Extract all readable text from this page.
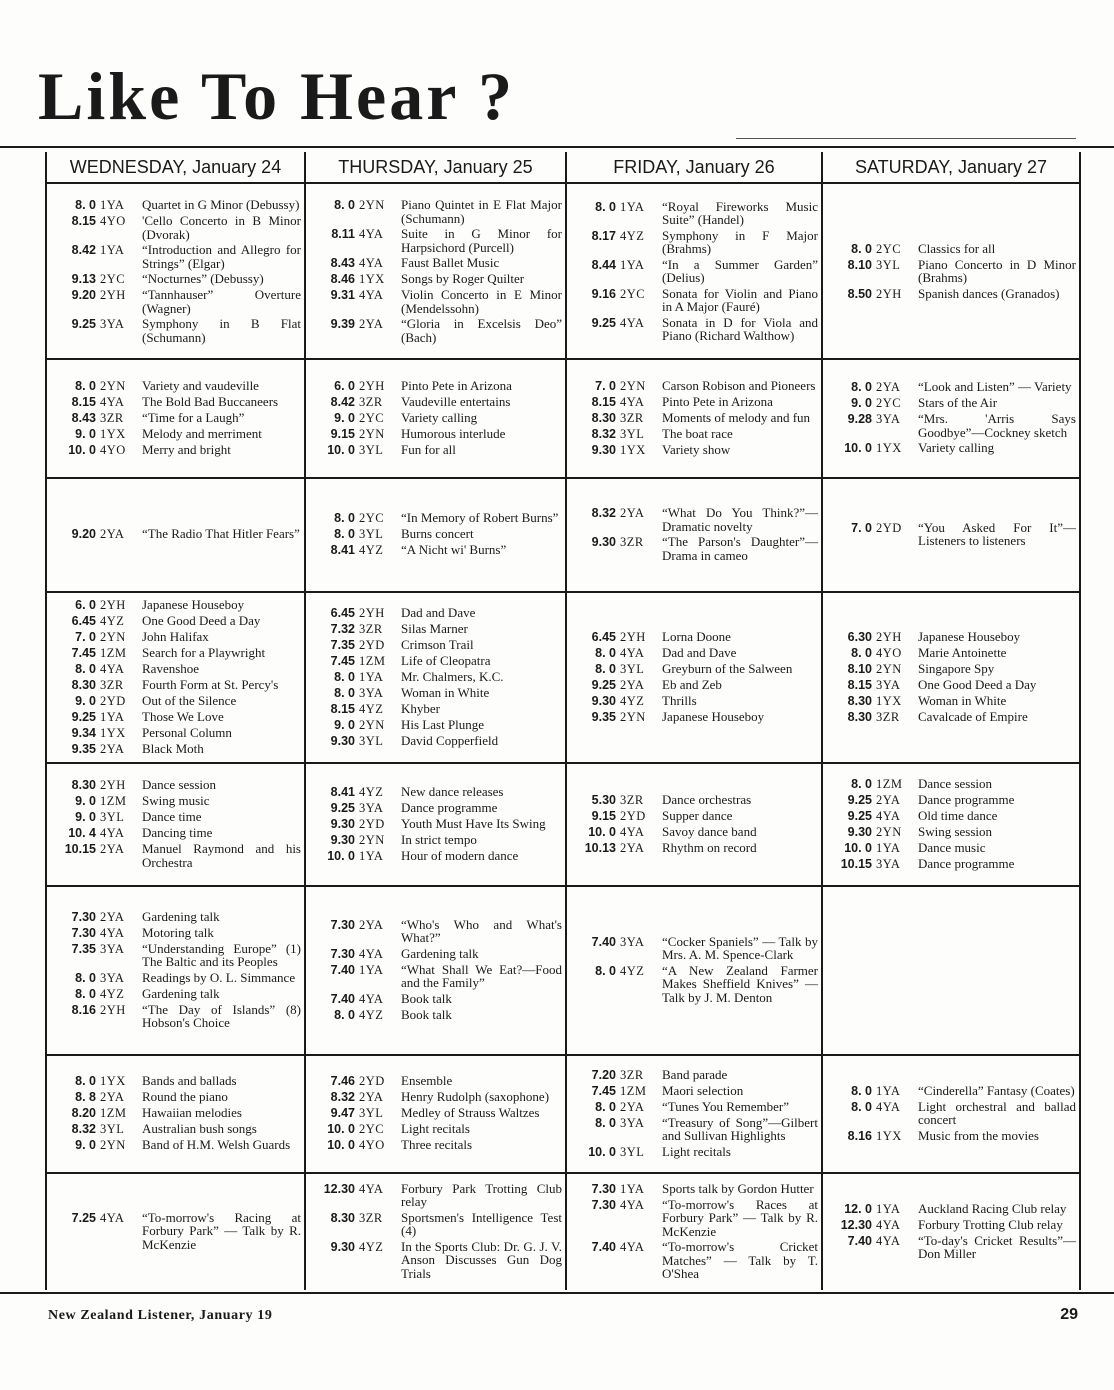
Like To Hear ?
WEDNESDAY, January 24	THURSDAY, January 25	FRIDAY, January 26	SATURDAY, January 27
8. 0 1YA	Quartet in G Minor (Debussy)
8.15 4YO	'Cello Concerto in B Minor (Dvorak)
8.42 1YA	“Introduction and Allegro for Strings” (Elgar)
9.13 2YC	“Nocturnes” (Debussy)
9.20 2YH	“Tannhauser” Overture (Wagner)
9.25 3YA	Symphony in B Flat (Schumann)
8. 0 2YN	Piano Quintet in E Flat Major (Schumann)
8.11 4YA	Suite in G Minor for Harpsichord (Purcell)
8.43 4YA	Faust Ballet Music
8.46 1YX	Songs by Roger Quilter
9.31 4YA	Violin Concerto in E Minor (Mendelssohn)
9.39 2YA	“Gloria in Excelsis Deo” (Bach)
8. 0 1YA	“Royal Fireworks Music Suite” (Handel)
8.17 4YZ	Symphony in F Major (Brahms)
8.44 1YA	“In a Summer Garden” (Delius)
9.16 2YC	Sonata for Violin and Piano in A Major (Fauré)
9.25 4YA	Sonata in D for Viola and Piano (Richard Walthow)
8. 0 2YC	Classics for all
8.10 3YL	Piano Concerto in D Minor (Brahms)
8.50 2YH	Spanish dances (Granados)
8. 0 2YN	Variety and vaudeville
8.15 4YA	The Bold Bad Buccaneers
8.43 3ZR	“Time for a Laugh”
9. 0 1YX	Melody and merriment
10. 0 4YO	Merry and bright
6. 0 2YH	Pinto Pete in Arizona
8.42 3ZR	Vaudeville entertains
9. 0 2YC	Variety calling
9.15 2YN	Humorous interlude
10. 0 3YL	Fun for all
7. 0 2YN	Carson Robison and Pioneers
8.15 4YA	Pinto Pete in Arizona
8.30 3ZR	Moments of melody and fun
8.32 3YL	The boat race
9.30 1YX	Variety show
8. 0 2YA	“Look and Listen” — Variety
9. 0 2YC	Stars of the Air
9.28 3YA	“Mrs. 'Arris Says Goodbye”—Cockney sketch
10. 0 1YX	Variety calling
9.20 2YA	“The Radio That Hitler Fears”
8. 0 2YC	“In Memory of Robert Burns”
8. 0 3YL	Burns concert
8.41 4YZ	“A Nicht wi' Burns”
8.32 2YA	“What Do You Think?”—Dramatic novelty
9.30 3ZR	“The Parson's Daughter”—Drama in cameo
7. 0 2YD	“You Asked For It”—Listeners to listeners
6. 0 2YH	Japanese Houseboy
6.45 4YZ	One Good Deed a Day
7. 0 2YN	John Halifax
7.45 1ZM	Search for a Playwright
8. 0 4YA	Ravenshoe
8.30 3ZR	Fourth Form at St. Percy's
9. 0 2YD	Out of the Silence
9.25 1YA	Those We Love
9.34 1YX	Personal Column
9.35 2YA	Black Moth
6.45 2YH	Dad and Dave
7.32 3ZR	Silas Marner
7.35 2YD	Crimson Trail
7.45 1ZM	Life of Cleopatra
8. 0 1YA	Mr. Chalmers, K.C.
8. 0 3YA	Woman in White
8.15 4YZ	Khyber
9. 0 2YN	His Last Plunge
9.30 3YL	David Copperfield
6.45 2YH	Lorna Doone
8. 0 4YA	Dad and Dave
8. 0 3YL	Greyburn of the Salween
9.25 2YA	Eb and Zeb
9.30 4YZ	Thrills
9.35 2YN	Japanese Houseboy
6.30 2YH	Japanese Houseboy
8. 0 4YO	Marie Antoinette
8.10 2YN	Singapore Spy
8.15 3YA	One Good Deed a Day
8.30 1YX	Woman in White
8.30 3ZR	Cavalcade of Empire
8.30 2YH	Dance session
9. 0 1ZM	Swing music
9. 0 3YL	Dance time
10. 4 4YA	Dancing time
10.15 2YA	Manuel Raymond and his Orchestra
8.41 4YZ	New dance releases
9.25 3YA	Dance programme
9.30 2YD	Youth Must Have Its Swing
9.30 2YN	In strict tempo
10. 0 1YA	Hour of modern dance
5.30 3ZR	Dance orchestras
9.15 2YD	Supper dance
10. 0 4YA	Savoy dance band
10.13 2YA	Rhythm on record
8. 0 1ZM	Dance session
9.25 2YA	Dance programme
9.25 4YA	Old time dance
9.30 2YN	Swing session
10. 0 1YA	Dance music
10.15 3YA	Dance programme
7.30 2YA	Gardening talk
7.30 4YA	Motoring talk
7.35 3YA	“Understanding Europe” (1) The Baltic and its Peoples
8. 0 3YA	Readings by O. L. Simmance
8. 0 4YZ	Gardening talk
8.16 2YH	“The Day of Islands” (8) Hobson's Choice
7.30 2YA	“Who's Who and What's What?”
7.30 4YA	Gardening talk
7.40 1YA	“What Shall We Eat?—Food and the Family”
7.40 4YA	Book talk
8. 0 4YZ	Book talk
7.40 3YA	“Cocker Spaniels” — Talk by Mrs. A. M. Spence-Clark
8. 0 4YZ	“A New Zealand Farmer Makes Sheffield Knives” — Talk by J. M. Denton
8. 0 1YX	Bands and ballads
8. 8 2YA	Round the piano
8.20 1ZM	Hawaiian melodies
8.32 3YL	Australian bush songs
9. 0 2YN	Band of H.M. Welsh Guards
7.46 2YD	Ensemble
8.32 2YA	Henry Rudolph (saxophone)
9.47 3YL	Medley of Strauss Waltzes
10. 0 2YC	Light recitals
10. 0 4YO	Three recitals
7.20 3ZR	Band parade
7.45 1ZM	Maori selection
8. 0 2YA	“Tunes You Remember”
8. 0 3YA	“Treasury of Song”—Gilbert and Sullivan Highlights
10. 0 3YL	Light recitals
8. 0 1YA	“Cinderella” Fantasy (Coates)
8. 0 4YA	Light orchestral and ballad concert
8.16 1YX	Music from the movies
7.25 4YA	“To-morrow's Racing at Forbury Park” — Talk by R. McKenzie
12.30 4YA	Forbury Park Trotting Club relay
8.30 3ZR	Sportsmen's Intelligence Test (4)
9.30 4YZ	In the Sports Club: Dr. G. J. V. Anson Discusses Gun Dog Trials
7.30 1YA	Sports talk by Gordon Hutter
7.30 4YA	“To-morrow's Races at Forbury Park” — Talk by R. McKenzie
7.40 4YA	“To-morrow's Cricket Matches” — Talk by T. O'Shea
12. 0 1YA	Auckland Racing Club relay
12.30 4YA	Forbury Trotting Club relay
7.40 4YA	“To-day's Cricket Results”—Don Miller
New Zealand Listener, January 19	29
